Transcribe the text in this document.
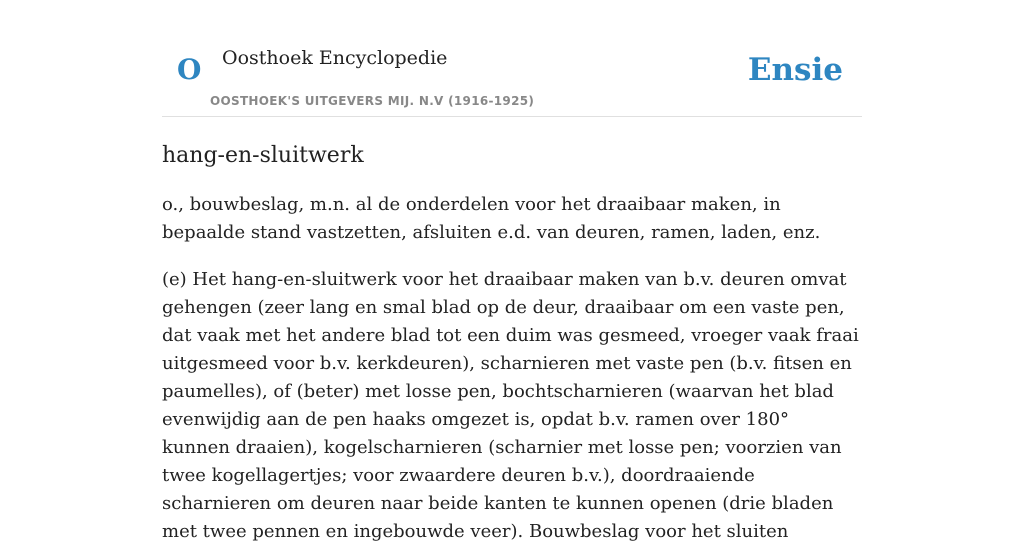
O Oosthoek Encyclopedie
OOSTHOEK'S UITGEVERS MIJ. N.V (1916-1925)
Ensie
hang-en-sluitwerk

o., bouwbeslag, m.n. al de onderdelen voor het draaibaar maken, in bepaalde stand vastzetten, afsluiten e.d. van deuren, ramen, laden, enz.

(e) Het hang-en-sluitwerk voor het draaibaar maken van b.v. deuren omvat gehengen (zeer lang en smal blad op de deur, draaibaar om een vaste pen, dat vaak met het andere blad tot een duim was gesmeed, vroeger vaak fraai uitgesmeed voor b.v. kerkdeuren), scharnieren met vaste pen (b.v. fitsen en paumelles), of (beter) met losse pen, bochtscharnieren (waarvan het blad evenwijdig aan de pen haaks omgezet is, opdat b.v. ramen over 180° kunnen draaien), kogelscharnieren (scharnier met losse pen; voorzien van twee kogellagertjes; voor zwaardere deuren b.v.), doordraaiende scharnieren om deuren naar beide kanten te kunnen openen (drie bladen met twee pennen en ingebouwde veer). Bouwbeslag voor het sluiten
